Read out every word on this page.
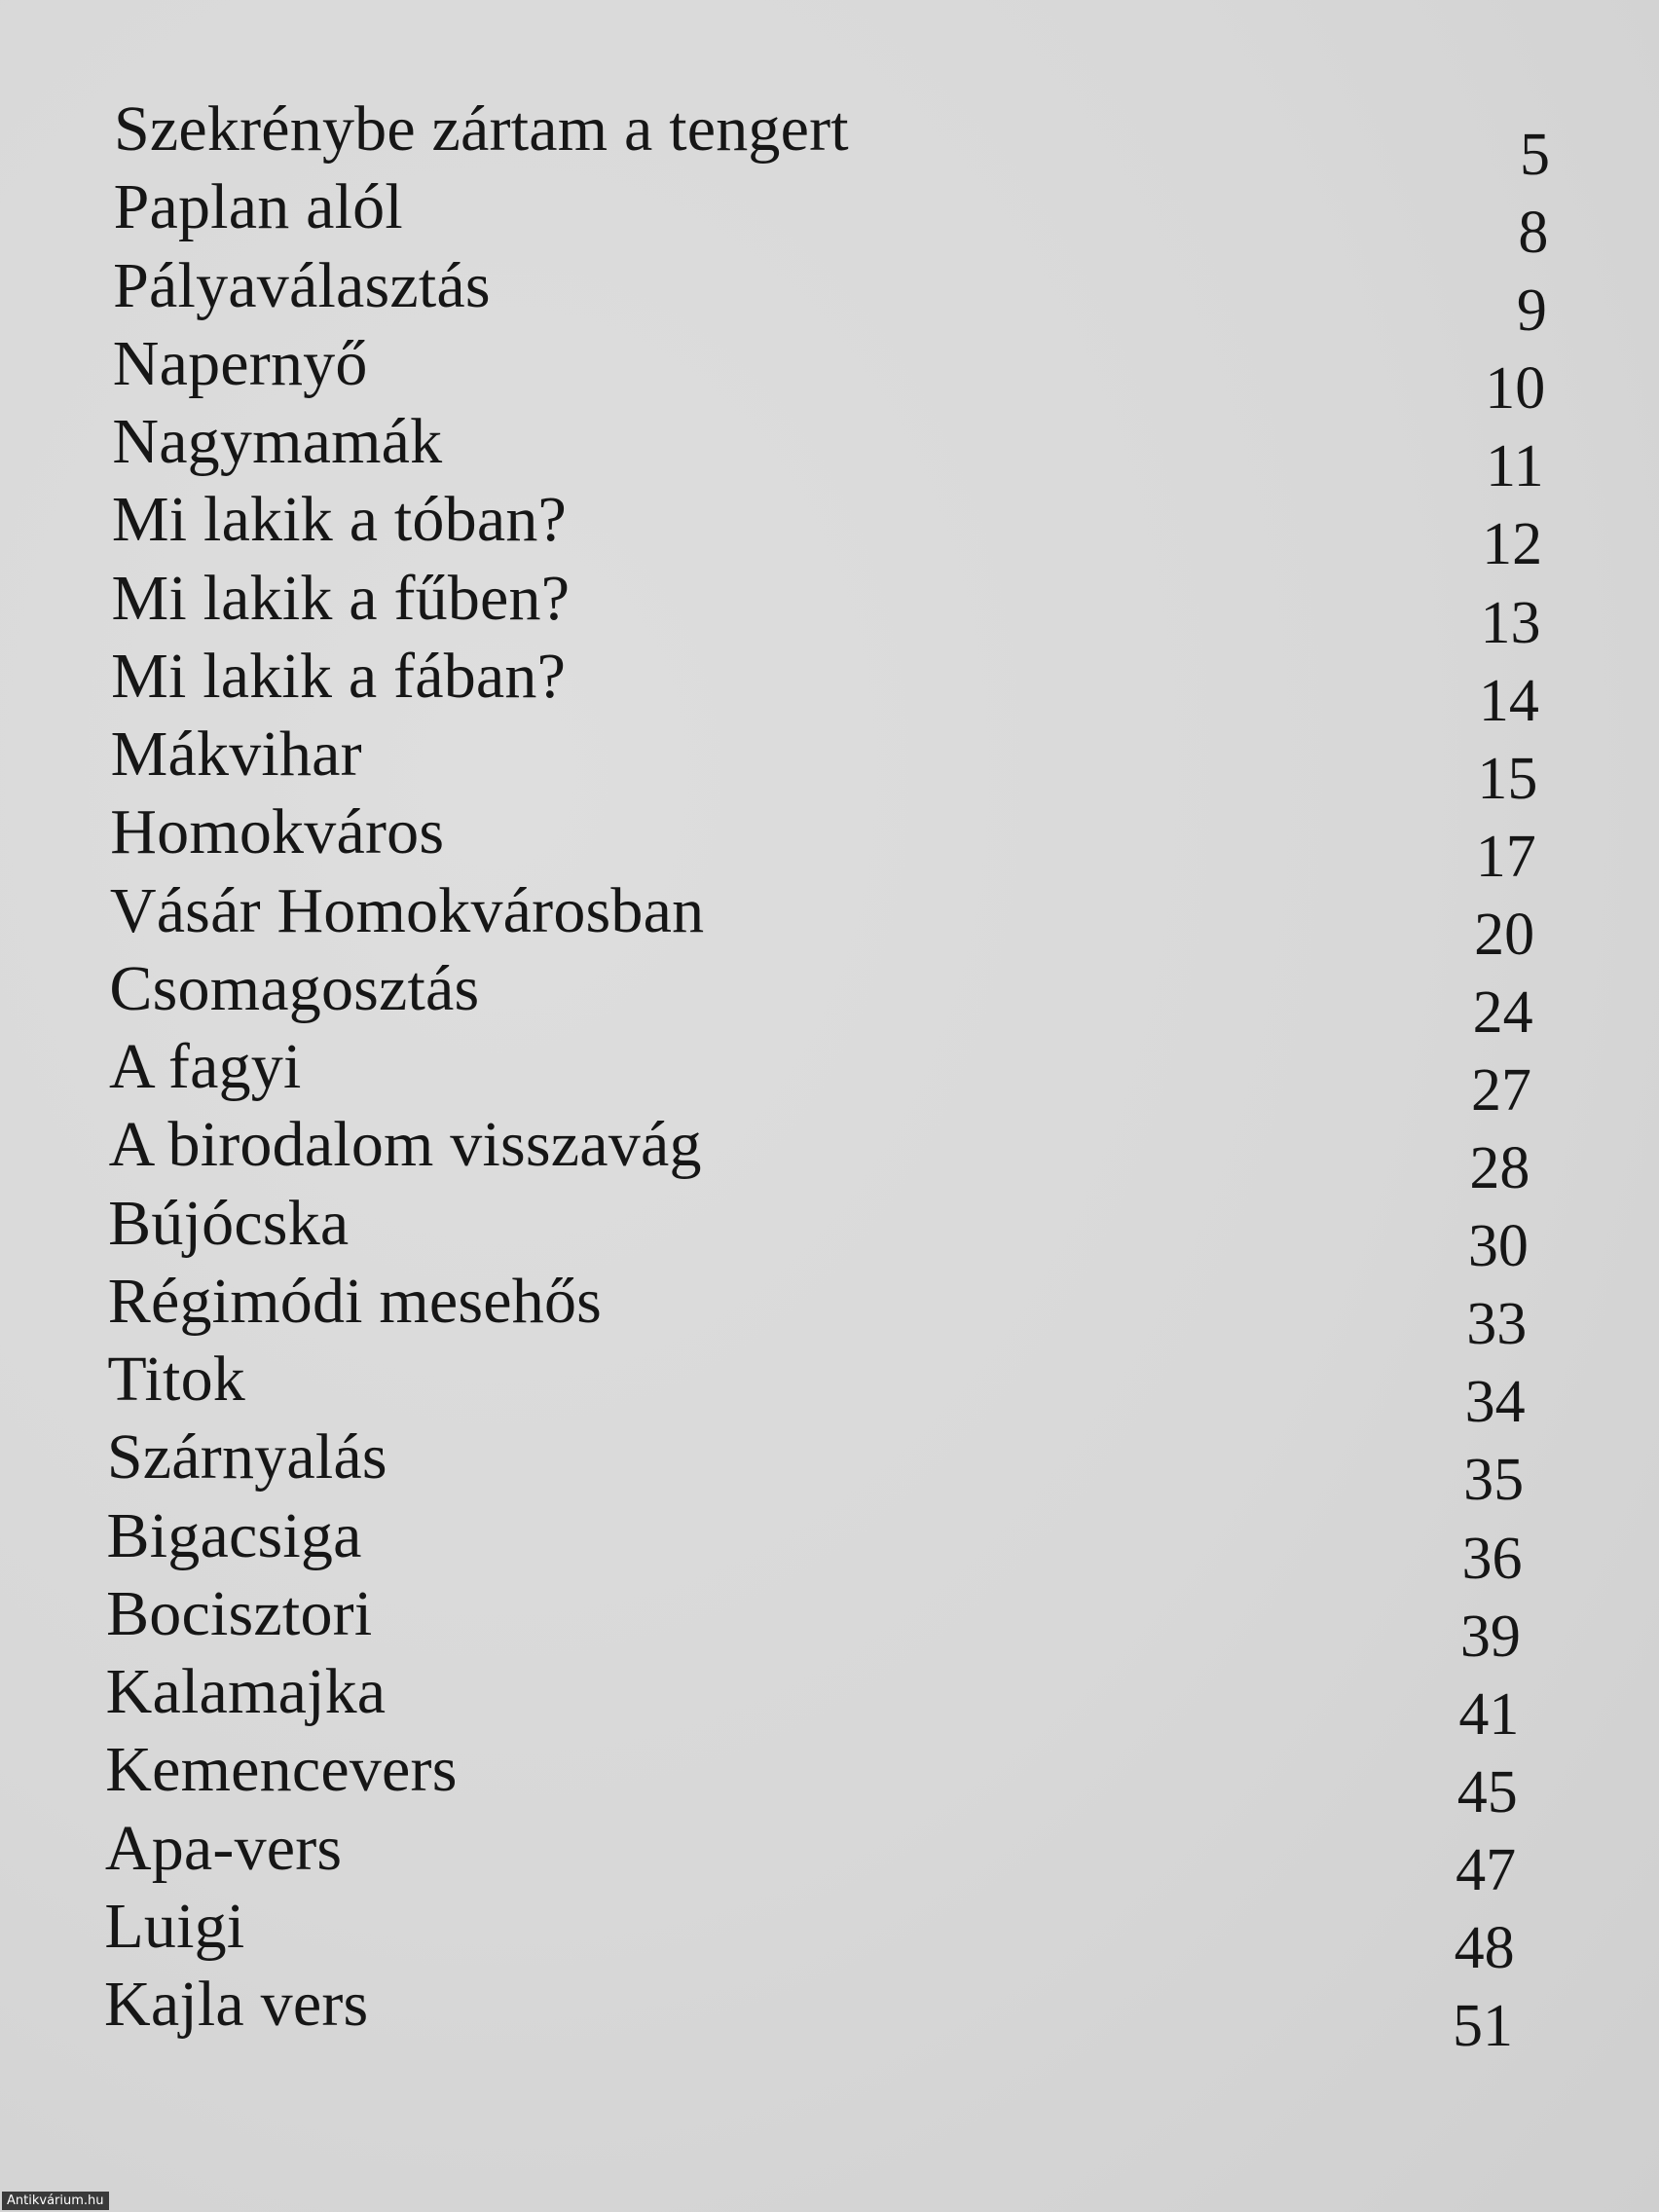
Szekrénybe zártam a tengert	5
Paplan alól	8
Pályaválasztás	9
Napernyő	10
Nagymamák	11
Mi lakik a tóban?	12
Mi lakik a fűben?	13
Mi lakik a fában?	14
Mákvihar	15
Homokváros	17
Vásár Homokvárosban	20
Csomagosztás	24
A fagyi	27
A birodalom visszavág	28
Bújócska	30
Régimódi mesehős	33
Titok	34
Szárnyalás	35
Bigacsiga	36
Bocisztori	39
Kalamajka	41
Kemencevers	45
Apa-vers	47
Luigi	48
Kajla vers	51
Antikvárium.hu
